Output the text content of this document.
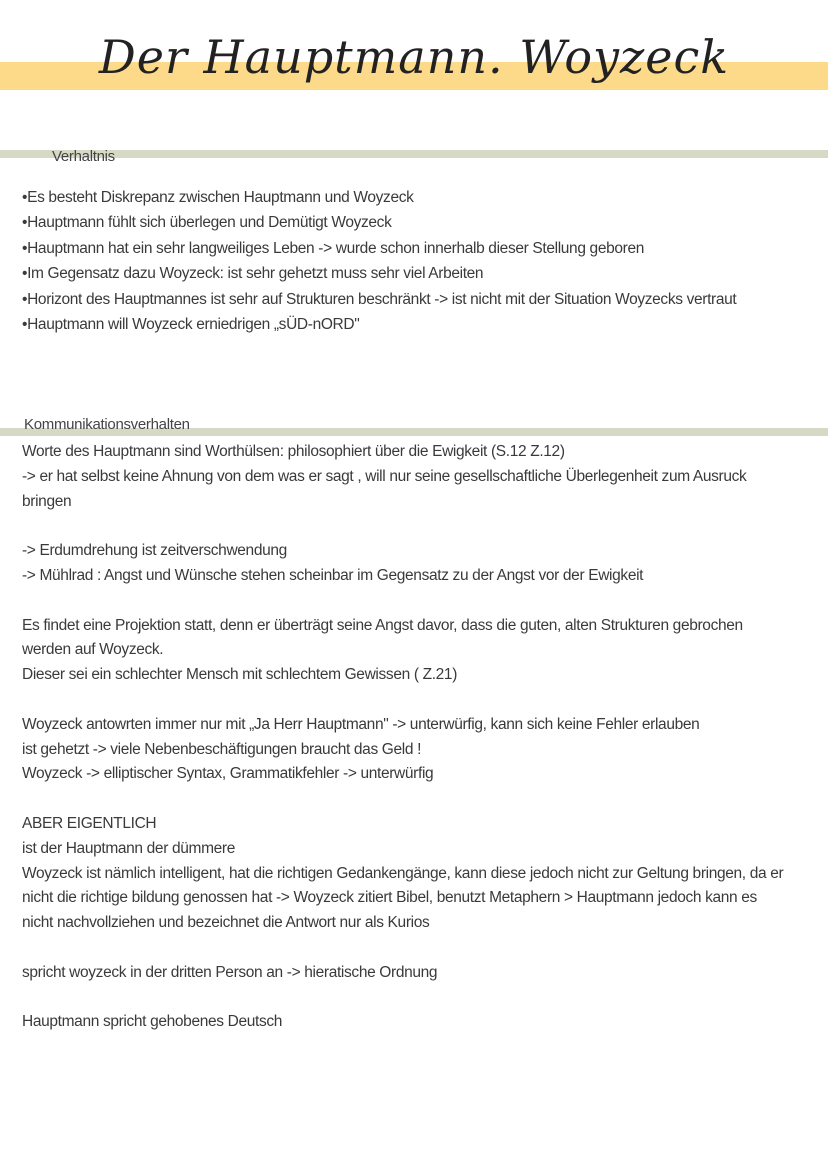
Der Hauptmann. Woyzeck
Verhaltnis
•Es besteht Diskrepanz zwischen Hauptmann und Woyzeck
•Hauptmann fühlt sich überlegen und Demütigt Woyzeck
•Hauptmann hat ein sehr langweiliges Leben -> wurde schon innerhalb dieser Stellung geboren
•Im Gegensatz dazu Woyzeck: ist sehr gehetzt muss sehr viel Arbeiten
•Horizont des Hauptmannes ist sehr auf Strukturen beschränkt -> ist nicht mit der Situation Woyzecks vertraut
•Hauptmann will Woyzeck erniedrigen „sÜD-nORD"
Kommunikationsverhalten
Worte des Hauptmann sind Worthülsen: philosophiert über die Ewigkeit (S.12 Z.12)
-> er hat selbst keine Ahnung von dem was er sagt , will nur seine gesellschaftliche Überlegenheit zum Ausruck
bringen
-> Erdumdrehung ist zeitverschwendung
-> Mühlrad : Angst und Wünsche stehen scheinbar im Gegensatz zu der Angst vor der Ewigkeit
Es findet eine Projektion statt, denn er überträgt seine Angst davor, dass die guten, alten Strukturen gebrochen
werden auf Woyzeck.
Dieser sei ein schlechter Mensch mit schlechtem Gewissen ( Z.21)
Woyzeck antowrten immer nur mit „Ja Herr Hauptmann" -> unterwürfig, kann sich keine Fehler erlauben
ist gehetzt -> viele Nebenbeschäftigungen braucht das Geld !
Woyzeck -> elliptischer Syntax, Grammatikfehler -> unterwürfig
ABER EIGENTLICH
ist der Hauptmann der dümmere
Woyzeck ist nämlich intelligent, hat die richtigen Gedankengänge, kann diese jedoch nicht zur Geltung bringen, da er
nicht die richtige bildung genossen hat -> Woyzeck zitiert Bibel, benutzt Metaphern > Hauptmann jedoch kann es
nicht nachvollziehen und bezeichnet die Antwort nur als Kurios
spricht woyzeck in der dritten Person an -> hieratische Ordnung
Hauptmann spricht gehobenes Deutsch
